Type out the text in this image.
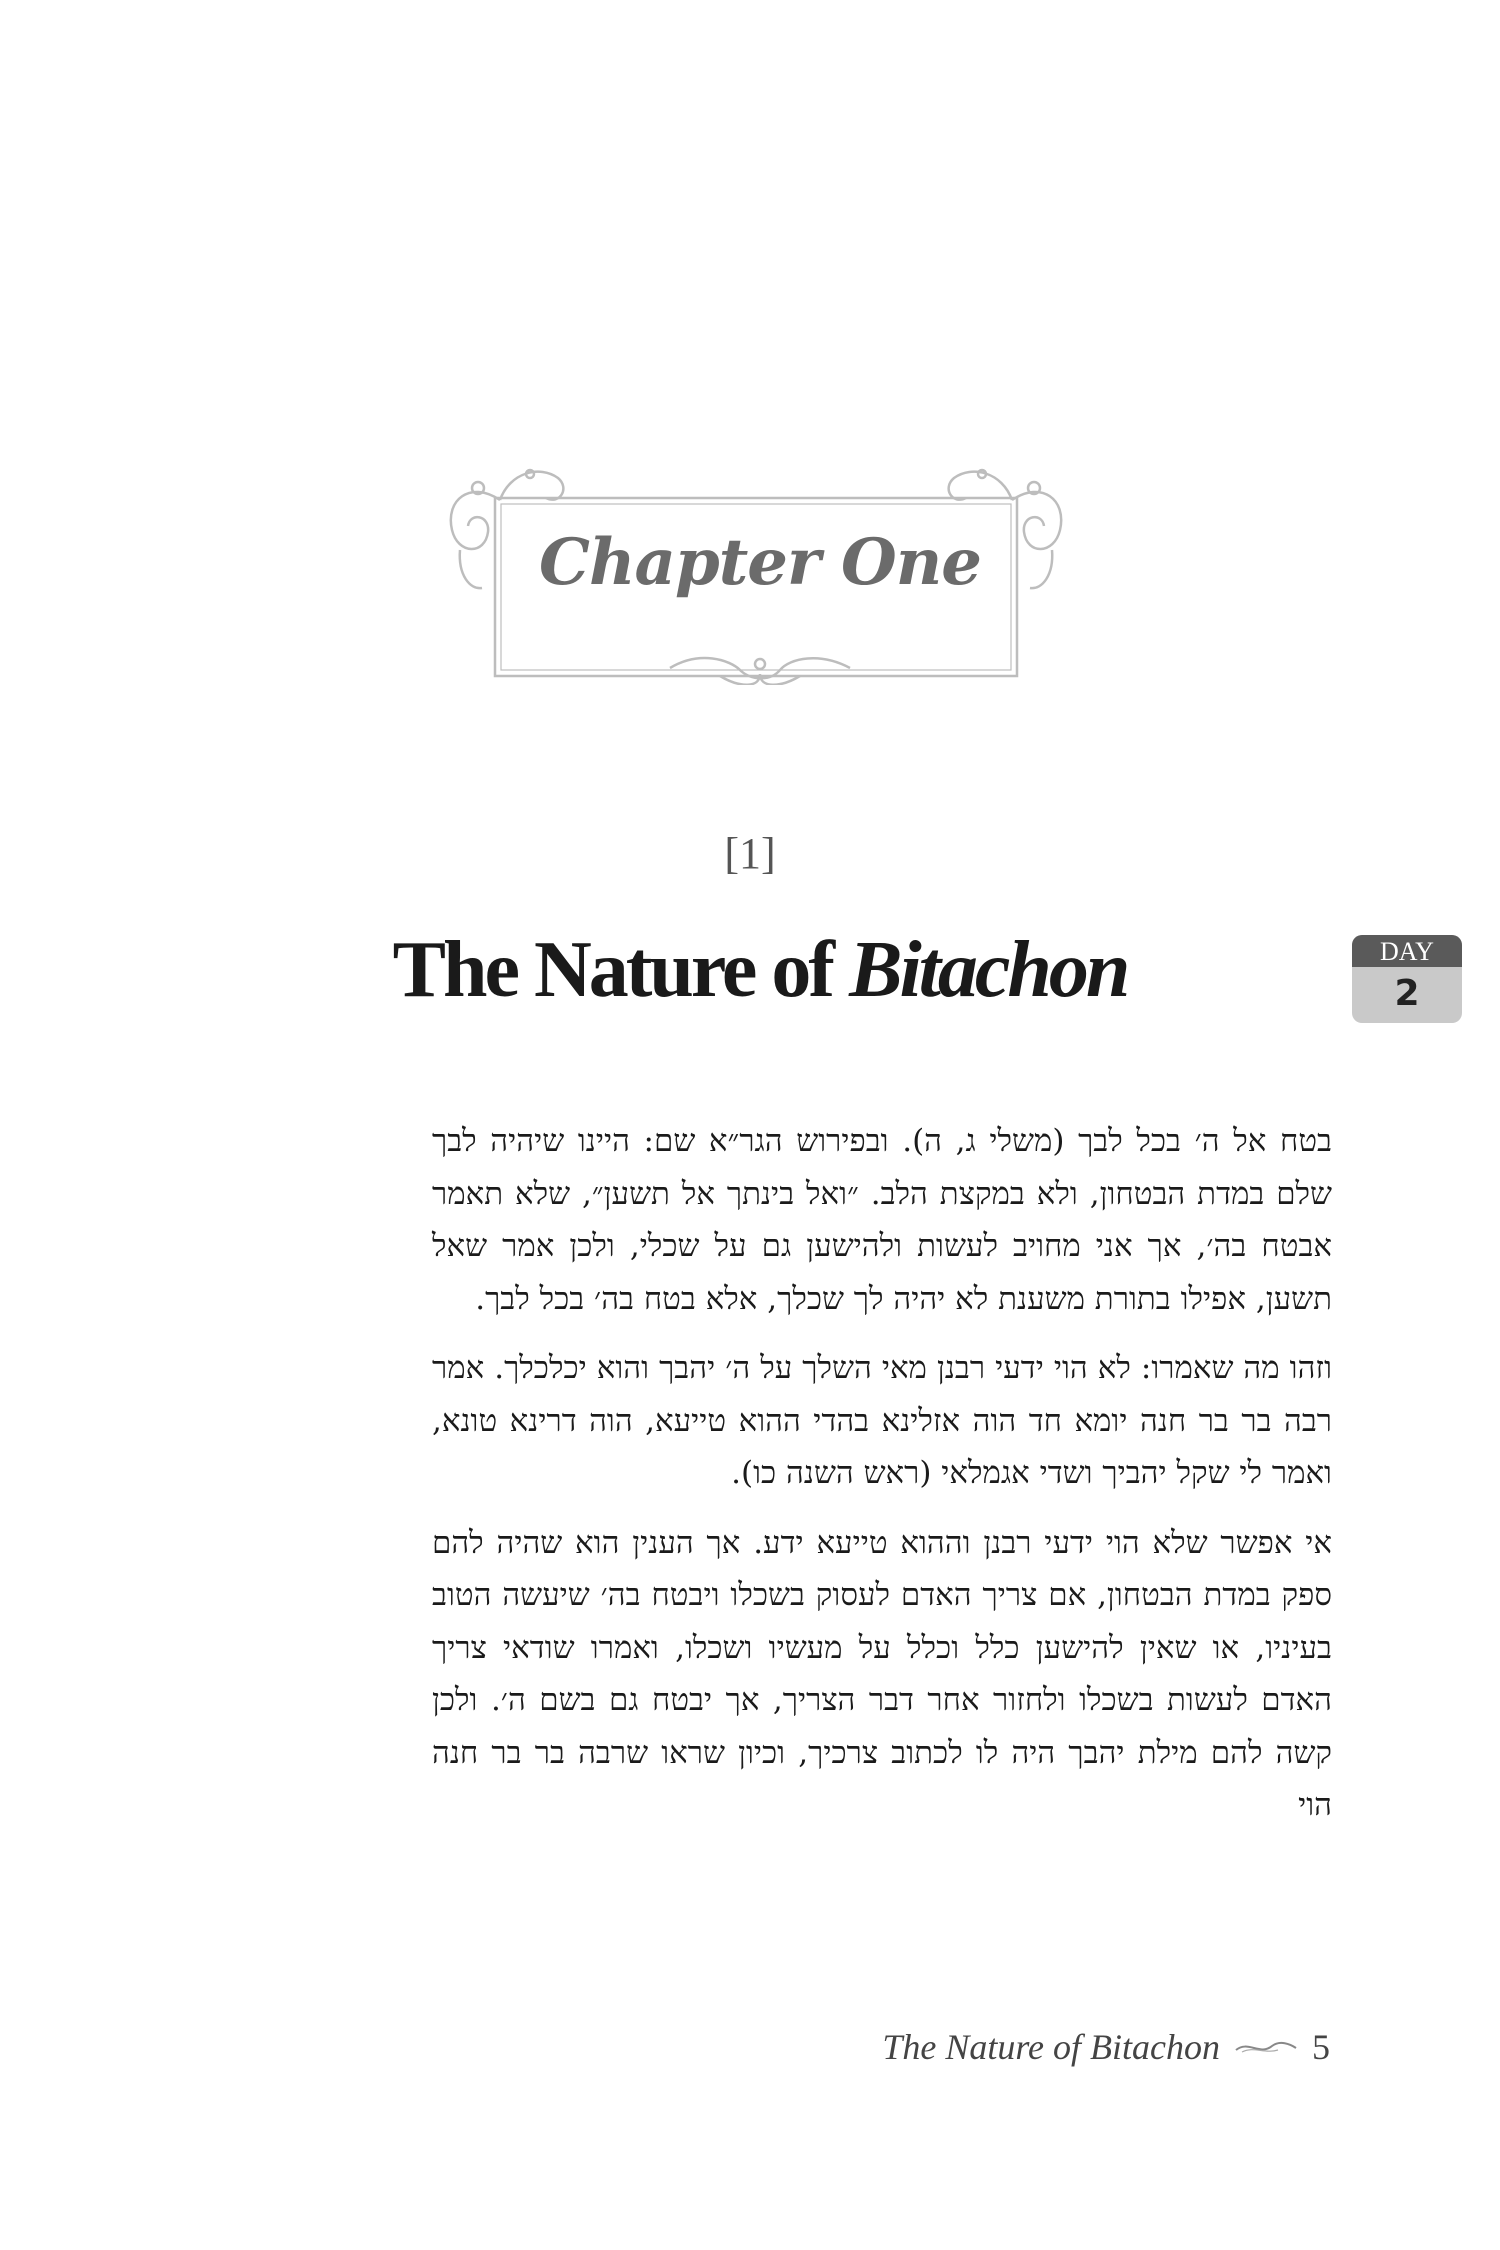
Chapter One
[1]
The Nature of Bitachon	DAY
2

בטח אל ה׳ בכל לבך (משלי ג, ה). ובפירוש הגר״א שם: היינו שיהיה לבך שלם במדת הבטחון, ולא במקצת הלב. ״ואל בינתך אל תשען״, שלא תאמר אבטח בה׳, אך אני מחויב לעשות ולהישען גם על שכלי, ולכן אמר שאל תשען, אפילו בתורת משענת לא יהיה לך שכלך, אלא בטח בה׳ בכל לבך.

וזהו מה שאמרו: לא הוי ידעי רבנן מאי השלך על ה׳ יהבך והוא יכלכלך. אמר רבה בר בר חנה יומא חד הוה אזלינא בהדי ההוא טייעא, הוה דרינא טונא, ואמר לי שקל יהביך ושדי אגמלאי (ראש השנה כו).

אי אפשר שלא הוי ידעי רבנן וההוא טייעא ידע. אך הענין הוא שהיה להם ספק במדת הבטחון, אם צריך האדם לעסוק בשכלו ויבטח בה׳ שיעשה הטוב בעיניו, או שאין להישען כלל וכלל על מעשיו ושכלו, ואמרו שודאי צריך האדם לעשות בשכלו ולחזור אחר דבר הצריך, אך יבטח גם בשם ה׳. ולכן קשה להם מילת יהבך היה לו לכתוב צרכיך, וכיון שראו שרבה בר בר חנה הוי

The Nature of Bitachon	5
